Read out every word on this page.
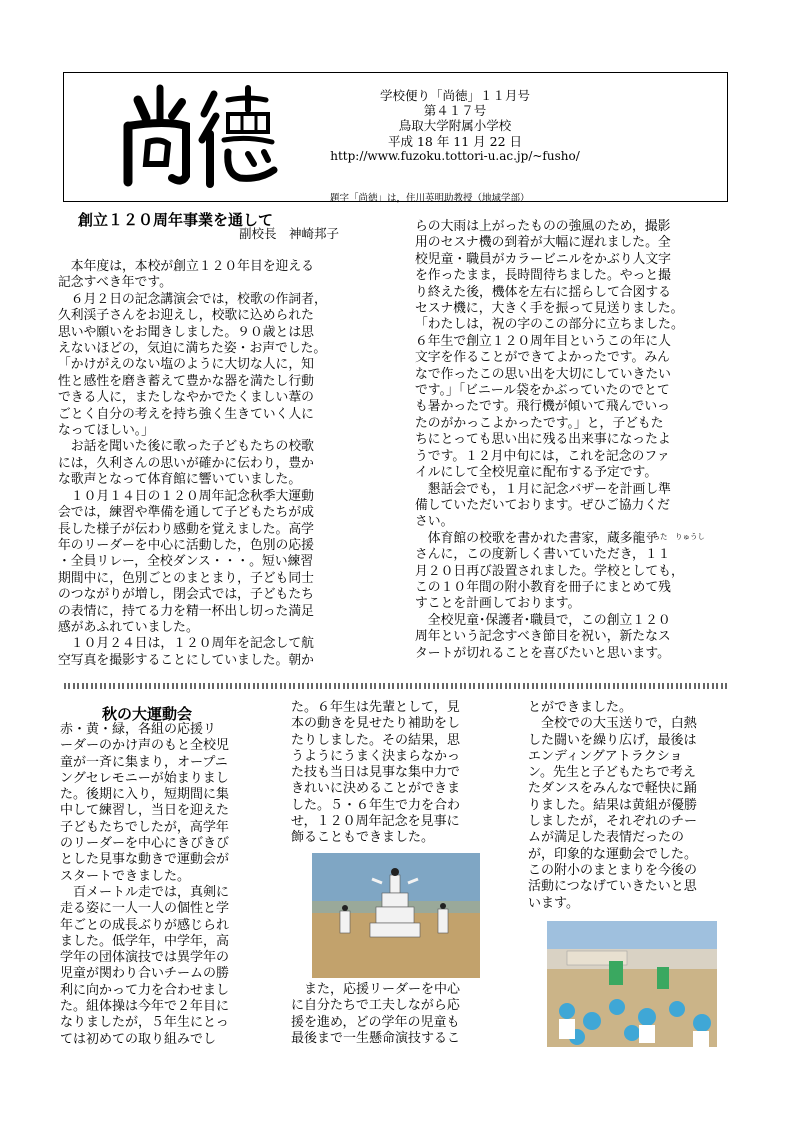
学校便り「尚徳」１１月号
第４１７号
鳥取大学附属小学校
平成 18 年 11 月 22 日
http://www.fuzoku.tottori-u.ac.jp/~fusho/
題字「尚徳」は，住川英明助教授（地域学部）
創立１２０周年事業を通して
副校長　神崎邦子
　本年度は，本校が創立１２０年目を迎える
記念すべき年です。
　６月２日の記念講演会では，校歌の作詞者，
久利渓子さんをお迎えし，校歌に込められた
思いや願いをお聞きしました。９０歳とは思
えないほどの，気迫に満ちた姿・お声でした。
「かけがえのない塩のように大切な人に，知
性と感性を磨き蓄えて豊かな器を満たし行動
できる人に，またしなやかでたくましい葦の
ごとく自分の考えを持ち強く生きていく人に
なってほしい。」
　お話を聞いた後に歌った子どもたちの校歌
には，久利さんの思いが確かに伝わり，豊か
な歌声となって体育館に響いていました。
　１０月１４日の１２０周年記念秋季大運動
会では，練習や準備を通して子どもたちが成
長した様子が伝わり感動を覚えました。高学
年のリーダーを中心に活動した，色別の応援
・全員リレー，全校ダンス・・・。短い練習
期間中に，色別ごとのまとまり，子ども同士
のつながりが増し，閉会式では，子どもたち
の表情に，持てる力を精一杯出し切った満足
感があふれていました。
　１０月２４日は，１２０周年を記念して航
空写真を撮影することにしていました。朝か
らの大雨は上がったものの強風のため，撮影
用のセスナ機の到着が大幅に遅れました。全
校児童・職員がカラービニルをかぶり人文字
を作ったまま，長時間待ちました。やっと撮
り終えた後，機体を左右に揺らして合図する
セスナ機に，大きく手を振って見送りました。
「わたしは，祝の字のこの部分に立ちました。
６年生で創立１２０周年目というこの年に人
文字を作ることができてよかったです。みん
なで作ったこの思い出を大切にしていきたい
です。」「ビニール袋をかぶっていたのでとて
も暑かったです。飛行機が傾いて飛んでいっ
たのがかっこよかったです。」と，子どもた
ちにとっても思い出に残る出来事になったよ
うです。１２月中旬には，これを記念のファ
イルにして全校児童に配布する予定です。
　懇話会でも，１月に記念バザーを計画し準
備していただいております。ぜひご協力くだ
さい。
　体育館の校歌を書かれた書家，蔵多龍子
さんに，この度新しく書いていただき，１１
月２０日再び設置されました。学校としても，
この１０年間の附小教育を冊子にまとめて残
すことを計画しております。
　全校児童･保護者･職員で，この創立１２０
周年という記念すべき節目を祝い，新たなス
タートが切れることを喜びたいと思います。
くらた　りゅうし
秋の大運動会
赤・黄・緑，各組の応援リ
ーダーのかけ声のもと全校児
童が一斉に集まり，オープニ
ングセレモニーが始まりまし
た。後期に入り，短期間に集
中して練習し，当日を迎えた
子どもたちでしたが，高学年
のリーダーを中心にきびきび
とした見事な動きで運動会が
スタートできました。
　百メートル走では，真剣に
走る姿に一人一人の個性と学
年ごとの成長ぶりが感じられ
ました。低学年，中学年，高
学年の団体演技では異学年の
児童が関わり合いチームの勝
利に向かって力を合わせまし
た。組体操は今年で２年目に
なりましたが，５年生にとっ
ては初めての取り組みでし
た。６年生は先輩として，見
本の動きを見せたり補助をし
たりしました。その結果，思
うようにうまく決まらなかっ
た技も当日は見事な集中力で
きれいに決めることができま
した。５・６年生で力を合わ
せ，１２０周年記念を見事に
飾ることもできました。
　また，応援リーダーを中心
に自分たちで工夫しながら応
援を進め，どの学年の児童も
最後まで一生懸命演技するこ
とができました。
　全校での大玉送りで，白熱
した闘いを繰り広げ，最後は
エンディングアトラクショ
ン。先生と子どもたちで考え
たダンスをみんなで軽快に踊
りました。結果は黄組が優勝
しましたが，それぞれのチー
ムが満足した表情だったの
が，印象的な運動会でした。
この附小のまとまりを今後の
活動につなげていきたいと思
います。
